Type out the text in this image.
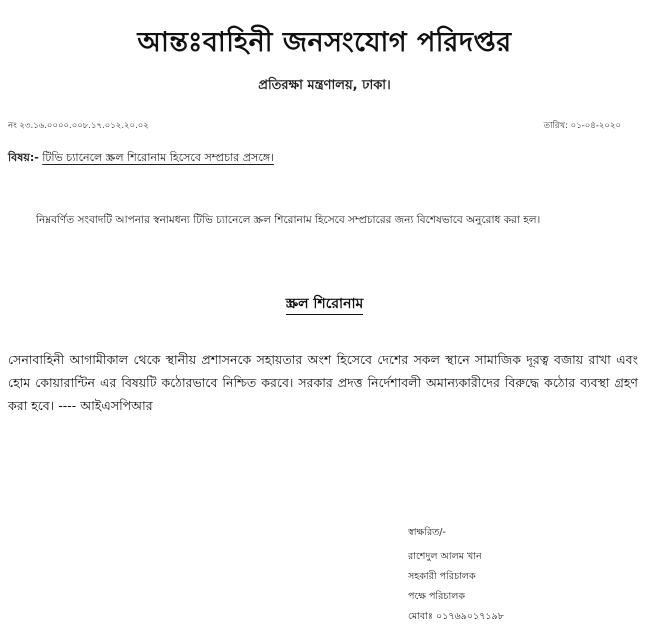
আন্তঃবাহিনী জনসংযোগ পরিদপ্তর
প্রতিরক্ষা মন্ত্রণালয়, ঢাকা।
নং ২৩.১৬.০০০০.০০৮.১৭.০১২.২০.০২	তারিখ: ০১-০৪-২০২০
বিষয়:- টিভি চ্যানেলে স্ক্রল শিরোনাম হিসেবে সম্প্রচার প্রসঙ্গে।
নিম্নবর্ণিত সংবাদটি আপনার স্বনামধন্য টিভি চ্যানেলে স্ক্রল শিরোনাম হিসেবে সম্প্রচারের জন্য বিশেষভাবে অনুরোধ করা হল।
স্ক্রল শিরোনাম
সেনাবাহিনী আগামীকাল থেকে স্থানীয় প্রশাসনকে সহায়তার অংশ হিসেবে দেশের সকল স্থানে সামাজিক দূরত্ব বজায় রাখা এবং হোম কোয়ারান্টিন এর বিষয়টি কঠোরভাবে নিশ্চিত করবে। সরকার প্রদত্ত নির্দেশাবলী অমান্যকারীদের বিরুদ্ধে কঠোর ব্যবস্থা গ্রহণ করা হবে। ---- আইএসপিআর
স্বাক্ষরিত/-
রাশেদুল আলম খান
সহকারী পরিচালক
পক্ষে পরিচালক
মোবাঃ ০১৭৬৯০১৭১৯৮
